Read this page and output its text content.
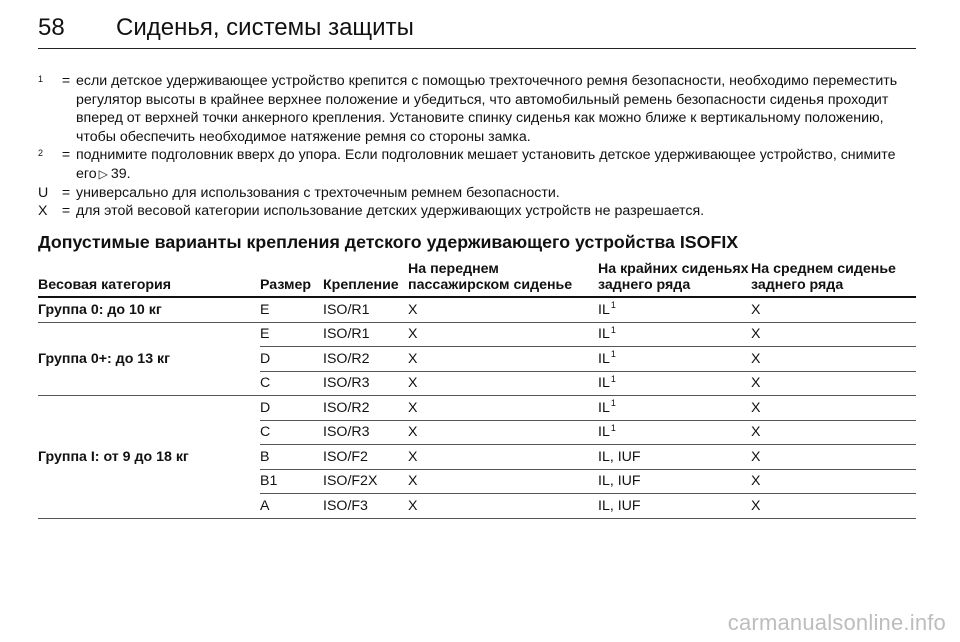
58	Сиденья, системы защиты
$^1$	= если детское удерживающее устройство крепится с помощью трехточечного ремня безопасности, необходимо переместить регулятор высоты в крайнее верхнее положение и убедиться, что автомобильный ремень безопасности сиденья проходит вперед от верхней точки анкерного крепления. Установите спинку сиденья как можно ближе к вертикальному положению, чтобы обеспечить необходимое натяжение ремня со стороны замка.
$^2$	= поднимите подголовник вверх до упора. Если подголовник мешает установить детское удерживающее устройство, снимите его ▷ 39.
U = универсально для использования с трехточечным ремнем безопасности.
X	= для этой весовой категории использование детских удерживающих устройств не разрешается.
Допустимые варианты крепления детского удерживающего устройства ISOFIX
Весовая категория	Размер	Крепление	На переднем пассажирском сиденье	На крайних сиденьях заднего ряда	На среднем сиденье заднего ряда
Группа 0: до 10 кг	E	ISO/R1	X	$IL^1$	X
Группа 0+: до 13 кг	E	ISO/R1	X	$IL^1$	X
	D	ISO/R2	X	$IL^1$	X
	C	ISO/R3	X	$IL^1$	X
Группа I: от 9 до 18 кг	D	ISO/R2	X	$IL^1$	X
	C	ISO/R3	X	$IL^1$	X
	B	ISO/F2	X	IL, IUF	X
	B1	ISO/F2X	X	IL, IUF	X
	A	ISO/F3	X	IL, IUF	X
carmanualsonline.info
